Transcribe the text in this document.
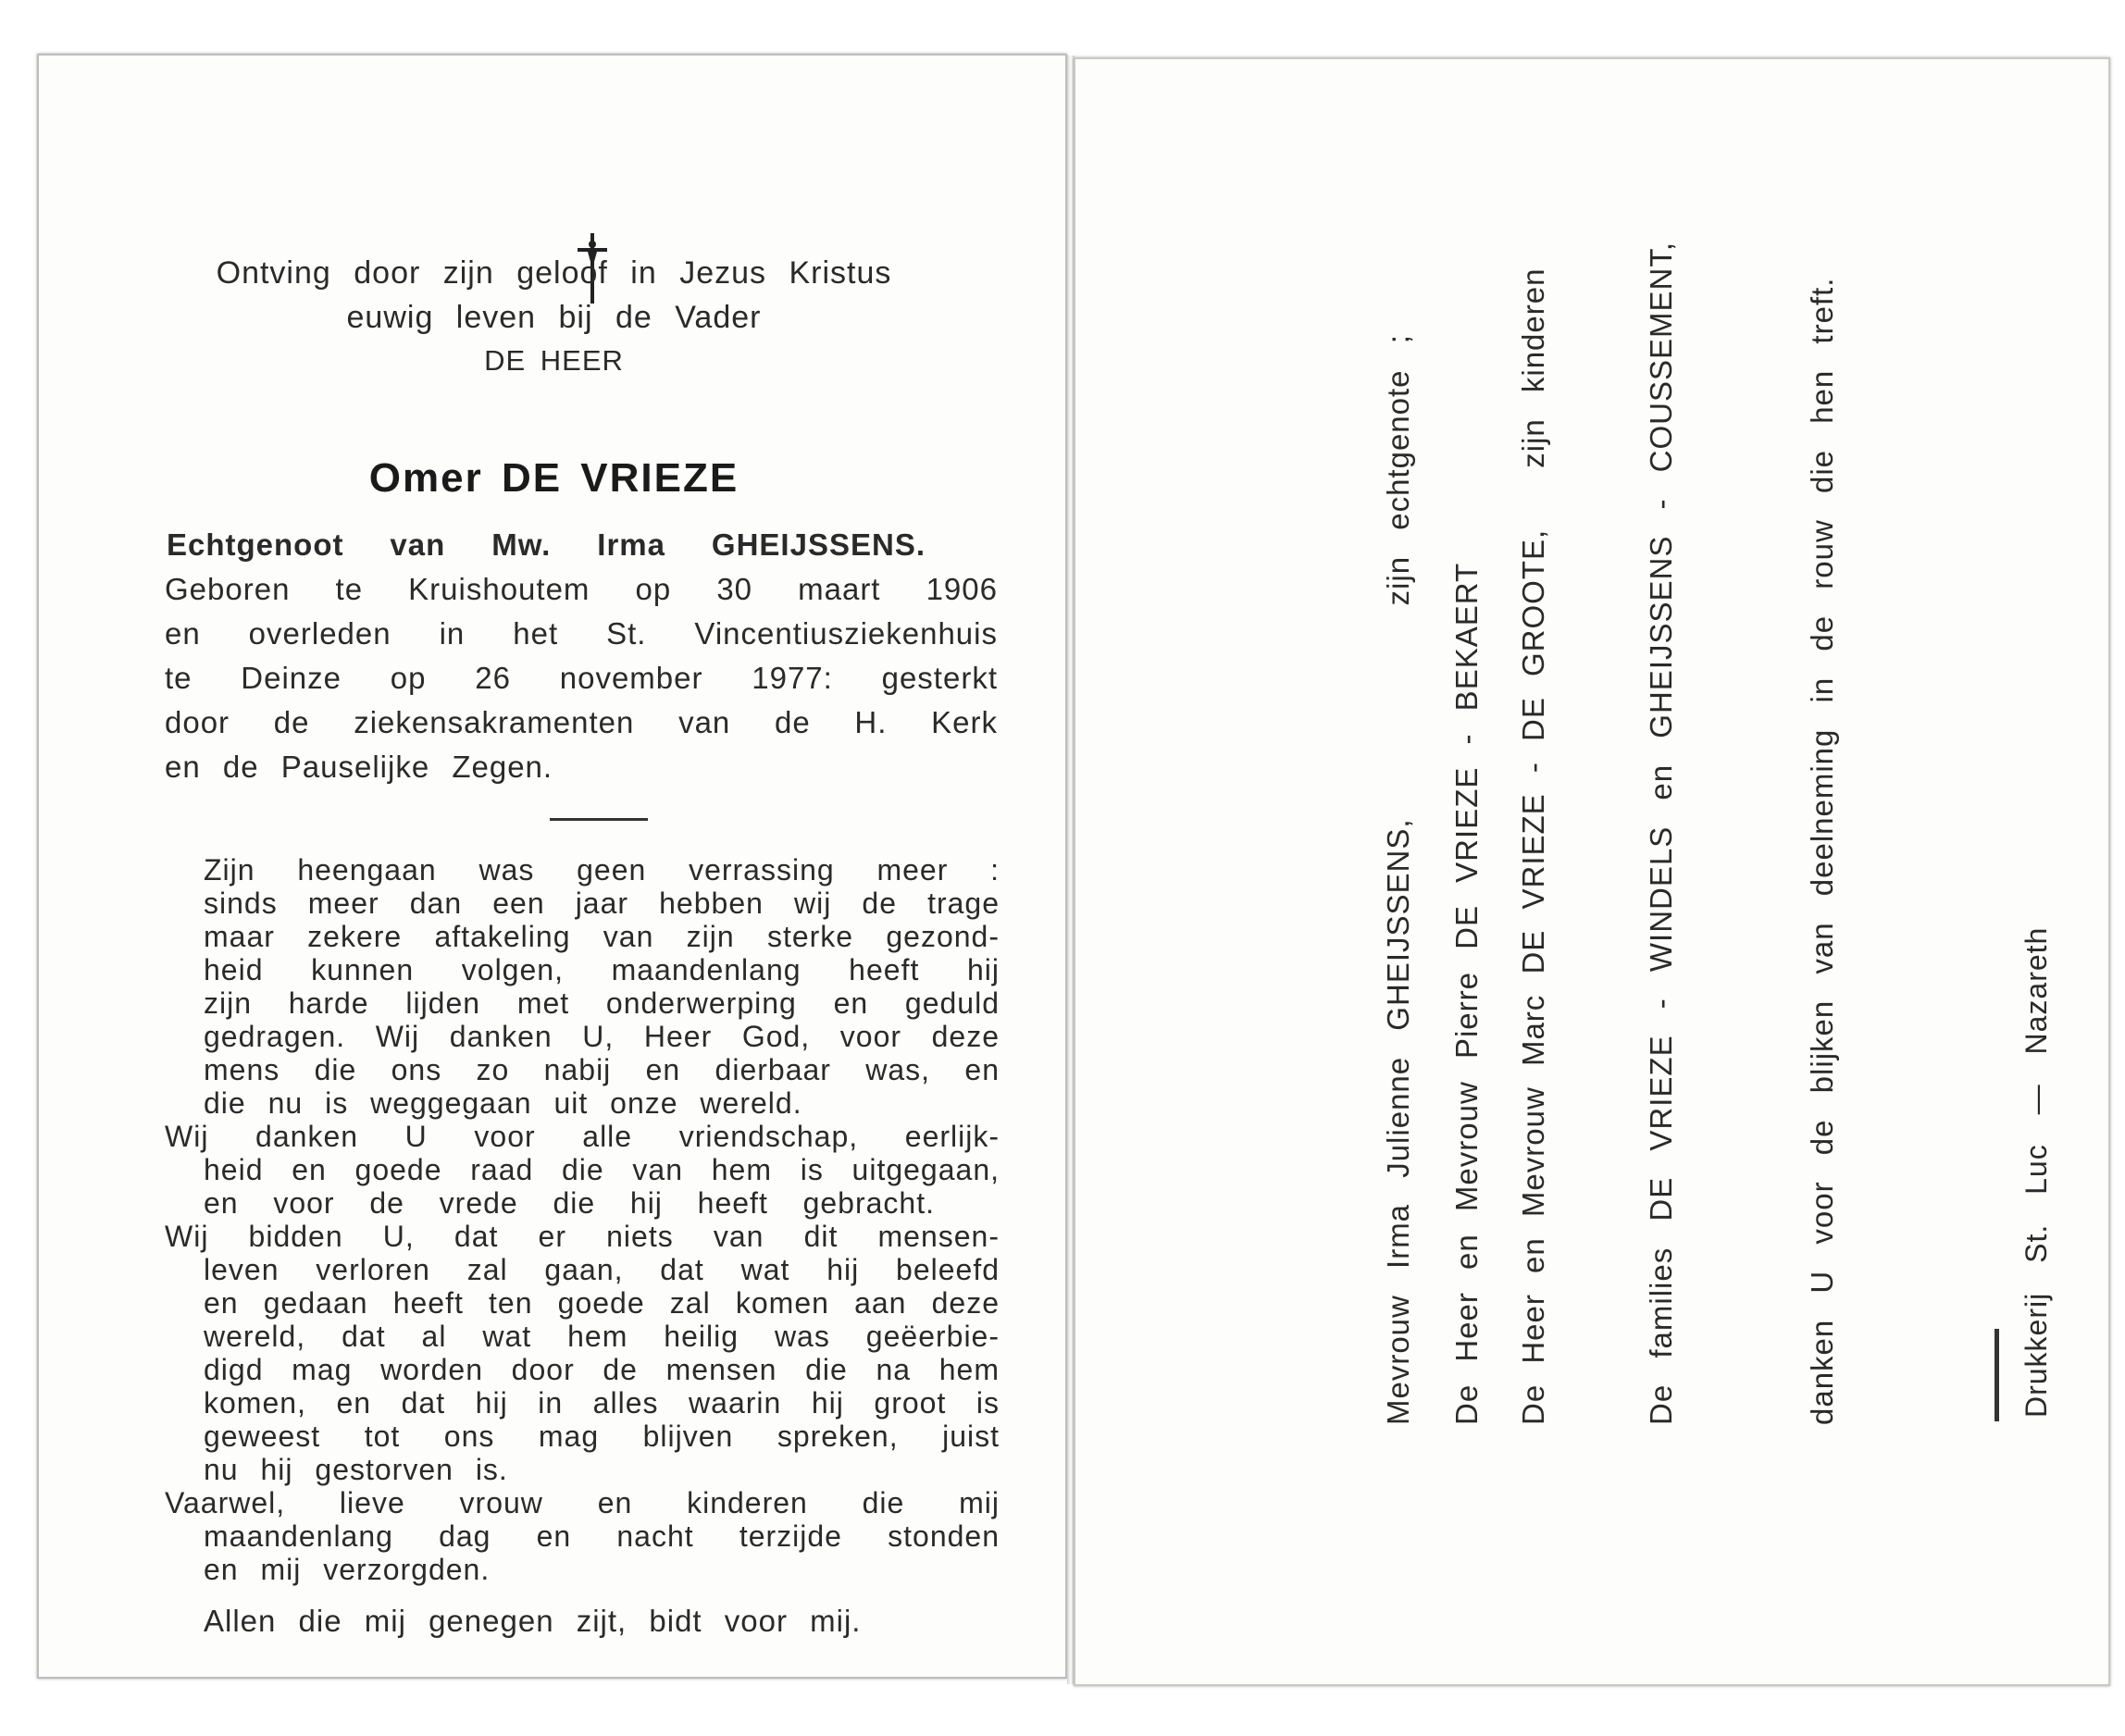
Ontving door zijn geloof in Jezus Kristus
euwig leven bij de Vader
DE HEER
Omer DE VRIEZE
Echtgenoot van Mw. Irma GHEIJSSENS.
Geboren te Kruishoutem op 30 maart 1906
en overleden in het St. Vincentiusziekenhuis
te Deinze op 26 november 1977: gesterkt
door de ziekensakramenten van de H. Kerk
en de Pauselijke Zegen.
Zijn heengaan was geen verrassing meer :
sinds meer dan een jaar hebben wij de trage
maar zekere aftakeling van zijn sterke gezond-
heid kunnen volgen, maandenlang heeft hij
zijn harde lijden met onderwerping en geduld
gedragen. Wij danken U, Heer God, voor deze
mens die ons zo nabij en dierbaar was, en
die nu is weggegaan uit onze wereld.
Wij danken U voor alle vriendschap, eerlijk-
heid en goede raad die van hem is uitgegaan,
en voor de vrede die hij heeft gebracht.
Wij bidden U, dat er niets van dit mensen-
leven verloren zal gaan, dat wat hij beleefd
en gedaan heeft ten goede zal komen aan deze
wereld, dat al wat hem heilig was geëerbie-
digd mag worden door de mensen die na hem
komen, en dat hij in alles waarin hij groot is
geweest tot ons mag blijven spreken, juist
nu hij gestorven is.
Vaarwel, lieve vrouw en kinderen die mij
maandenlang dag en nacht terzijde stonden
en mij verzorgden.
Allen die mij genegen zijt, bidt voor mij.
Mevrouw Irma Julienne GHEIJSSENS,zijn echtgenote ;
De Heer en Mevrouw Pierre DE VRIEZE - BEKAERT De Heer en Mevrouw Marc DE VRIEZE - DE GROOTE,zijn kinderen	De families DE VRIEZE - WINDELS en GHEIJSSENS - COUSSEMENT,	danken U voor de blijken van deelneming in de rouw die hen treft.	Drukkerij St. Luc — Nazareth
